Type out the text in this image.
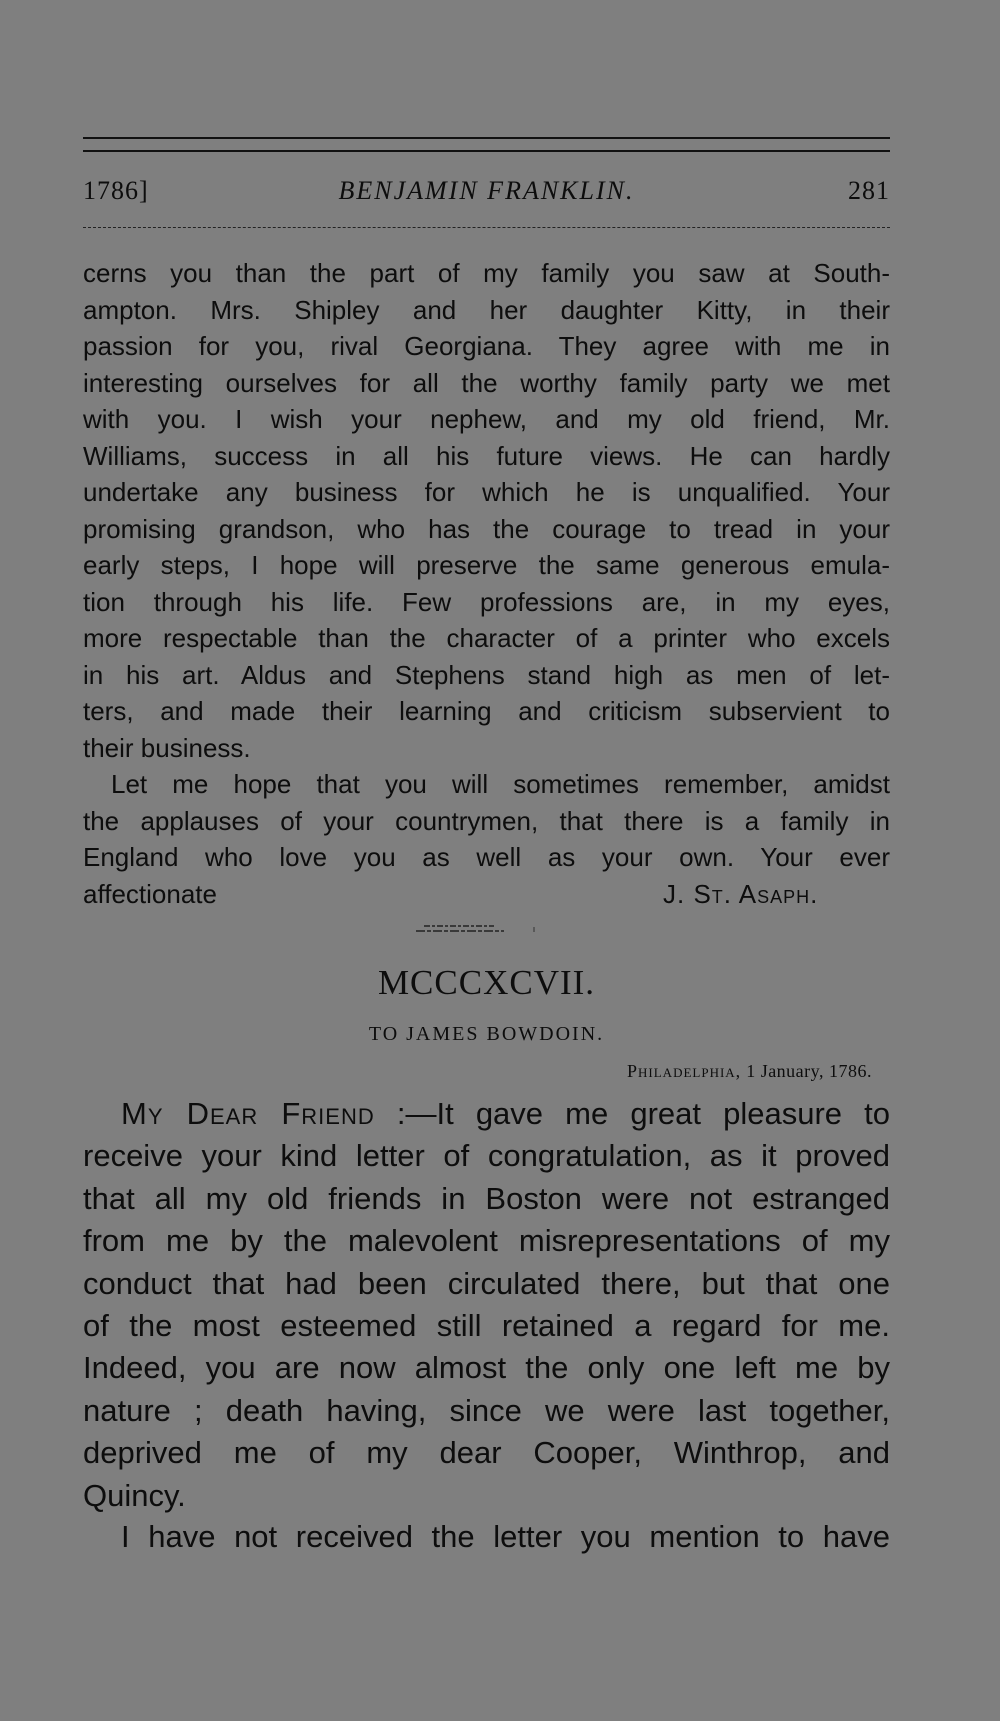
1786]	BENJAMIN FRANKLIN.	281
cerns you than the part of my family you saw at South-
ampton. Mrs. Shipley and her daughter Kitty, in their
passion for you, rival Georgiana. They agree with me in
interesting ourselves for all the worthy family party we met
with you. I wish your nephew, and my old friend, Mr.
Williams, success in all his future views. He can hardly
undertake any business for which he is unqualified. Your
promising grandson, who has the courage to tread in your
early steps, I hope will preserve the same generous emula-
tion through his life. Few professions are, in my eyes,
more respectable than the character of a printer who excels
in his art. Aldus and Stephens stand high as men of let-
ters, and made their learning and criticism subservient to
their business.
Let me hope that you will sometimes remember, amidst
the applauses of your countrymen, that there is a family in
England who love you as well as your own. Your ever
affectionate	J. St. Asaph.
MCCCXCVII.
TO JAMES BOWDOIN.
Philadelphia, 1 January, 1786.
My Dear Friend :—It gave me great pleasure to
receive your kind letter of congratulation, as it proved
that all my old friends in Boston were not estranged
from me by the malevolent misrepresentations of my
conduct that had been circulated there, but that one
of the most esteemed still retained a regard for me.
Indeed, you are now almost the only one left me by
nature ; death having, since we were last together,
deprived me of my dear Cooper, Winthrop, and
Quincy.
I have not received the letter you mention to have
